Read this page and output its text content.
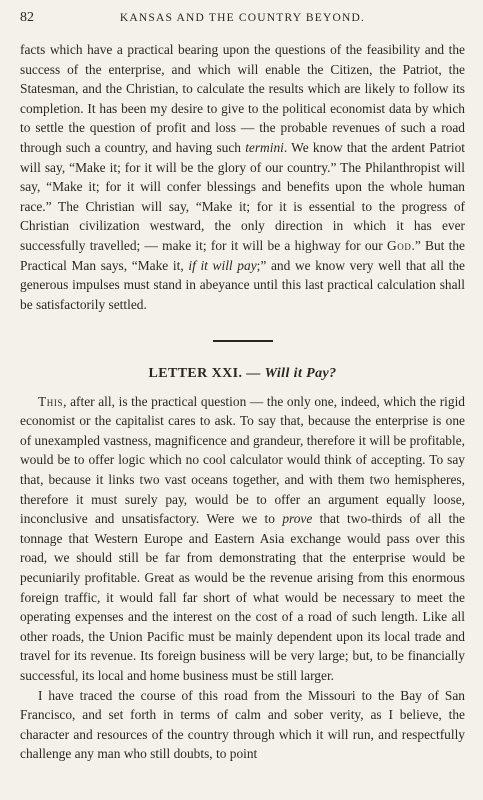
82	KANSAS AND THE COUNTRY BEYOND.

facts which have a practical bearing upon the questions of the feasibility and the success of the enterprise, and which will enable the Citizen, the Patriot, the Statesman, and the Christian, to calculate the results which are likely to follow its completion. It has been my desire to give to the political economist data by which to settle the question of profit and loss — the probable revenues of such a road through such a country, and having such termini. We know that the ardent Patriot will say, “Make it; for it will be the glory of our country.” The Philanthropist will say, “Make it; for it will confer blessings and benefits upon the whole human race.” The Christian will say, “Make it; for it is essential to the progress of Christian civilization westward, the only direction in which it has ever successfully travelled; — make it; for it will be a highway for our God.” But the Practical Man says, “Make it, if it will pay;” and we know very well that all the generous impulses must stand in abeyance until this last practical calculation shall be satisfactorily settled.

LETTER XXI. — Will it Pay?

This, after all, is the practical question — the only one, indeed, which the rigid economist or the capitalist cares to ask. To say that, because the enterprise is one of unexampled vastness, magnificence and grandeur, therefore it will be profitable, would be to offer logic which no cool calculator would think of accepting. To say that, because it links two vast oceans together, and with them two hemispheres, therefore it must surely pay, would be to offer an argument equally loose, inconclusive and unsatisfactory. Were we to prove that two-thirds of all the tonnage that Western Europe and Eastern Asia exchange would pass over this road, we should still be far from demonstrating that the enterprise would be pecuniarily profitable. Great as would be the revenue arising from this enormous foreign traffic, it would fall far short of what would be necessary to meet the operating expenses and the interest on the cost of a road of such length. Like all other roads, the Union Pacific must be mainly dependent upon its local trade and travel for its revenue. Its foreign business will be very large; but, to be financially successful, its local and home business must be still larger.

I have traced the course of this road from the Missouri to the Bay of San Francisco, and set forth in terms of calm and sober verity, as I believe, the character and resources of the country through which it will run, and respectfully challenge any man who still doubts, to point
